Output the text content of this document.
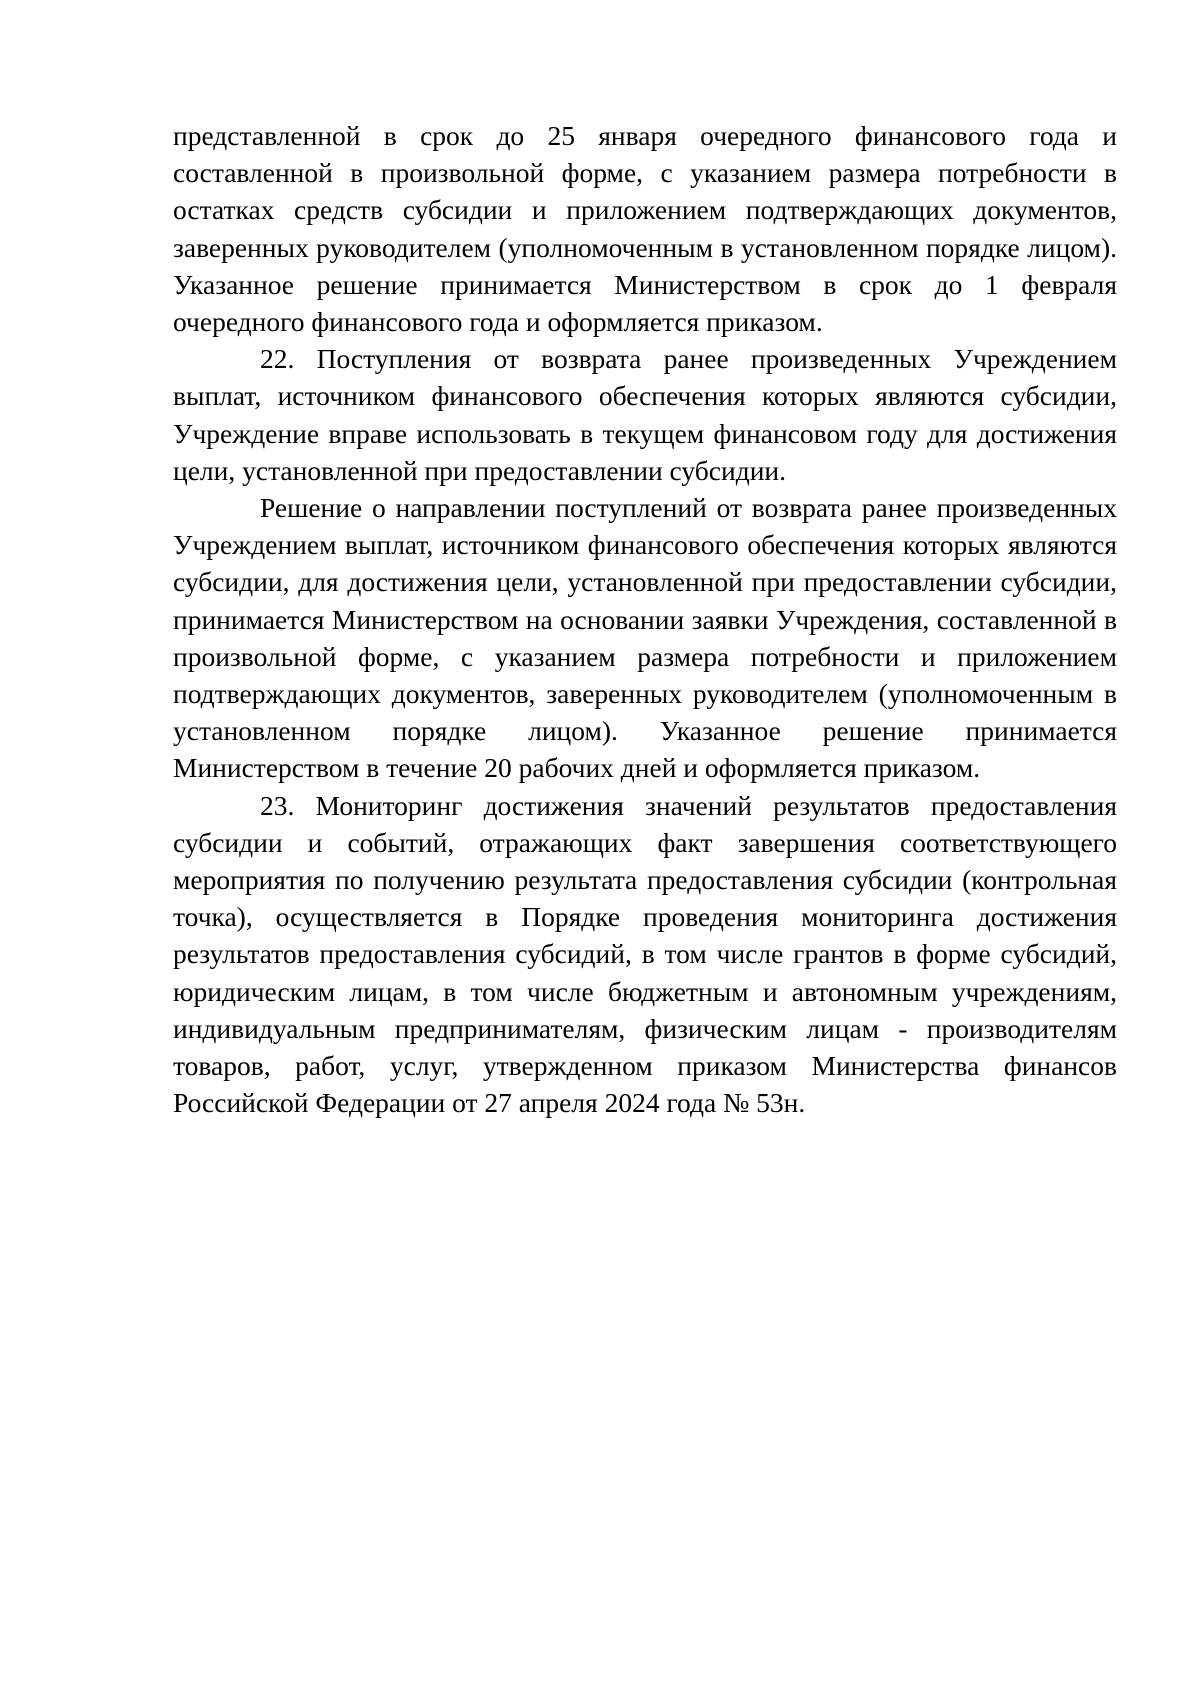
представленной в срок до 25 января очередного финансового года и составленной в произвольной форме, с указанием размера потребности в остатках средств субсидии и приложением подтверждающих документов, заверенных руководителем (уполномоченным в установленном порядке лицом). Указанное решение принимается Министерством в срок до 1 февраля очередного финансового года и оформляется приказом.

22. Поступления от возврата ранее произведенных Учреждением выплат, источником финансового обеспечения которых являются субсидии, Учреждение вправе использовать в текущем финансовом году для достижения цели, установленной при предоставлении субсидии.

Решение о направлении поступлений от возврата ранее произведенных Учреждением выплат, источником финансового обеспечения которых являются субсидии, для достижения цели, установленной при предоставлении субсидии, принимается Министерством на основании заявки Учреждения, составленной в произвольной форме, с указанием размера потребности и приложением подтверждающих документов, заверенных руководителем (уполномоченным в установленном порядке лицом). Указанное решение принимается Министерством в течение 20 рабочих дней и оформляется приказом.

23. Мониторинг достижения значений результатов предоставления субсидии и событий, отражающих факт завершения соответствующего мероприятия по получению результата предоставления субсидии (контрольная точка), осуществляется в Порядке проведения мониторинга достижения результатов предоставления субсидий, в том числе грантов в форме субсидий, юридическим лицам, в том числе бюджетным и автономным учреждениям, индивидуальным предпринимателям, физическим лицам - производителям товаров, работ, услуг, утвержденном приказом Министерства финансов Российской Федерации от 27 апреля 2024 года № 53н.
